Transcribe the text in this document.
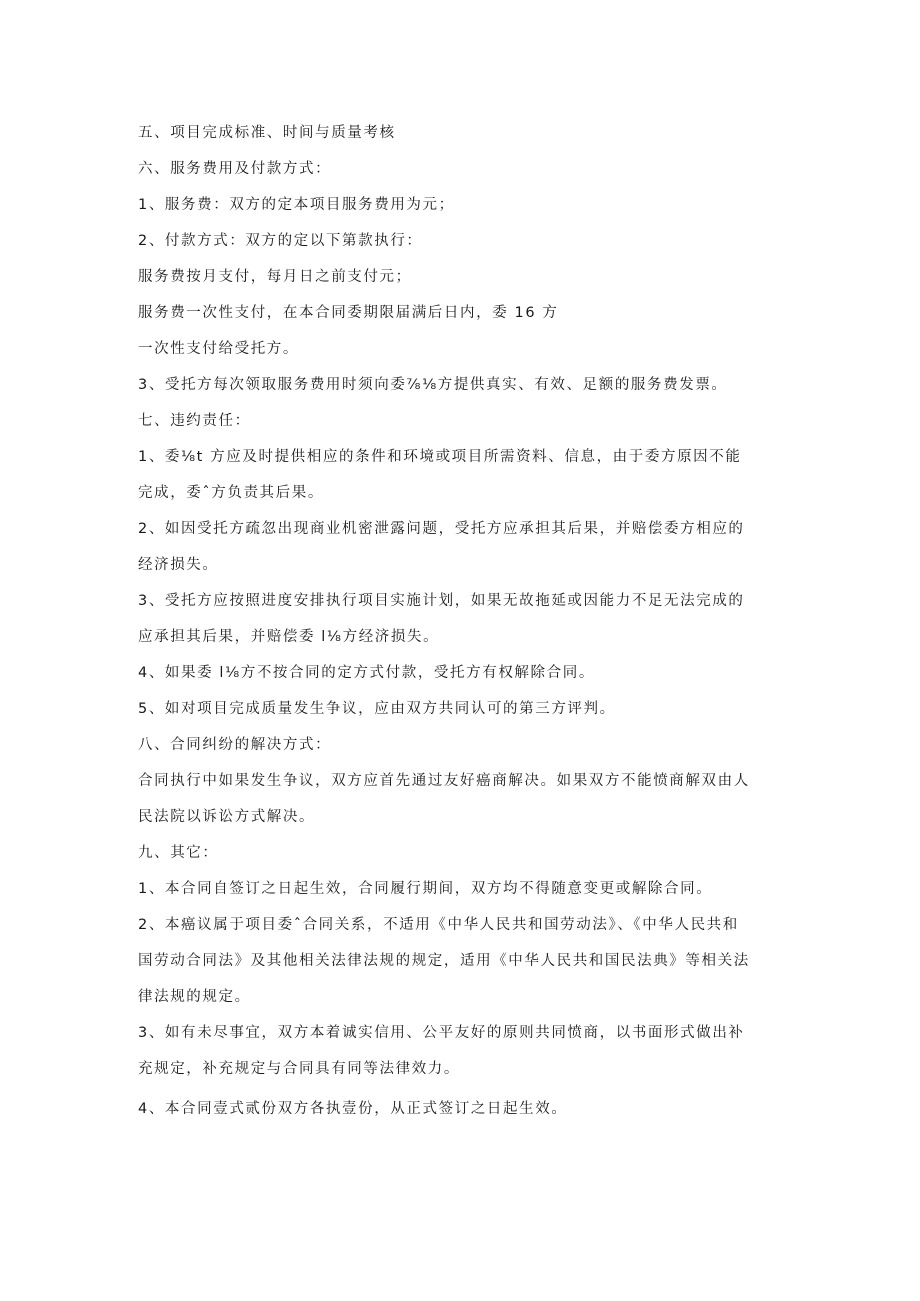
五、项目完成标准、时间与质量考核

六、服务费用及付款方式：

1、服务费：双方的定本项目服务费用为元；

2、付款方式：双方的定以下第款执行：

服务费按月支付，每月日之前支付元；

服务费一次性支付，在本合同委期限届满后日内，委 16 方

一次性支付给受托方。

3、受托方每次领取服务费用时须向委⅞⅛方提供真实、有效、足额的服务费发票。

七、违约责任：

1、委⅛t 方应及时提供相应的条件和环境或项目所需资料、信息，由于委方原因不能

完成，委ˆ方负责其后果。

2、如因受托方疏忽出现商业机密泄露问题，受托方应承担其后果，并赔偿委方相应的

经济损失。

3、受托方应按照进度安排执行项目实施计划，如果无故拖延或因能力不足无法完成的

应承担其后果，并赔偿委 l⅛方经济损失。

4、如果委 l⅛方不按合同的定方式付款，受托方有权解除合同。

5、如对项目完成质量发生争议，应由双方共同认可的第三方评判。

八、合同纠纷的解决方式：

合同执行中如果发生争议，双方应首先通过友好癌商解决。如果双方不能愤商解双由人

民法院以诉讼方式解决。

九、其它：

1、本合同自签订之日起生效，合同履行期间，双方均不得随意变更或解除合同。

2、本癌议属于项目委ˆ合同关系，不适用《中华人民共和国劳动法》、《中华人民共和

国劳动合同法》及其他相关法律法规的规定，适用《中华人民共和国民法典》等相关法

律法规的规定。

3、如有未尽事宜，双方本着诚实信用、公平友好的原则共同愤商，以书面形式做出补

充规定，补充规定与合同具有同等法律效力。

4、本合同壹式贰份双方各执壹份，从正式签订之日起生效。
